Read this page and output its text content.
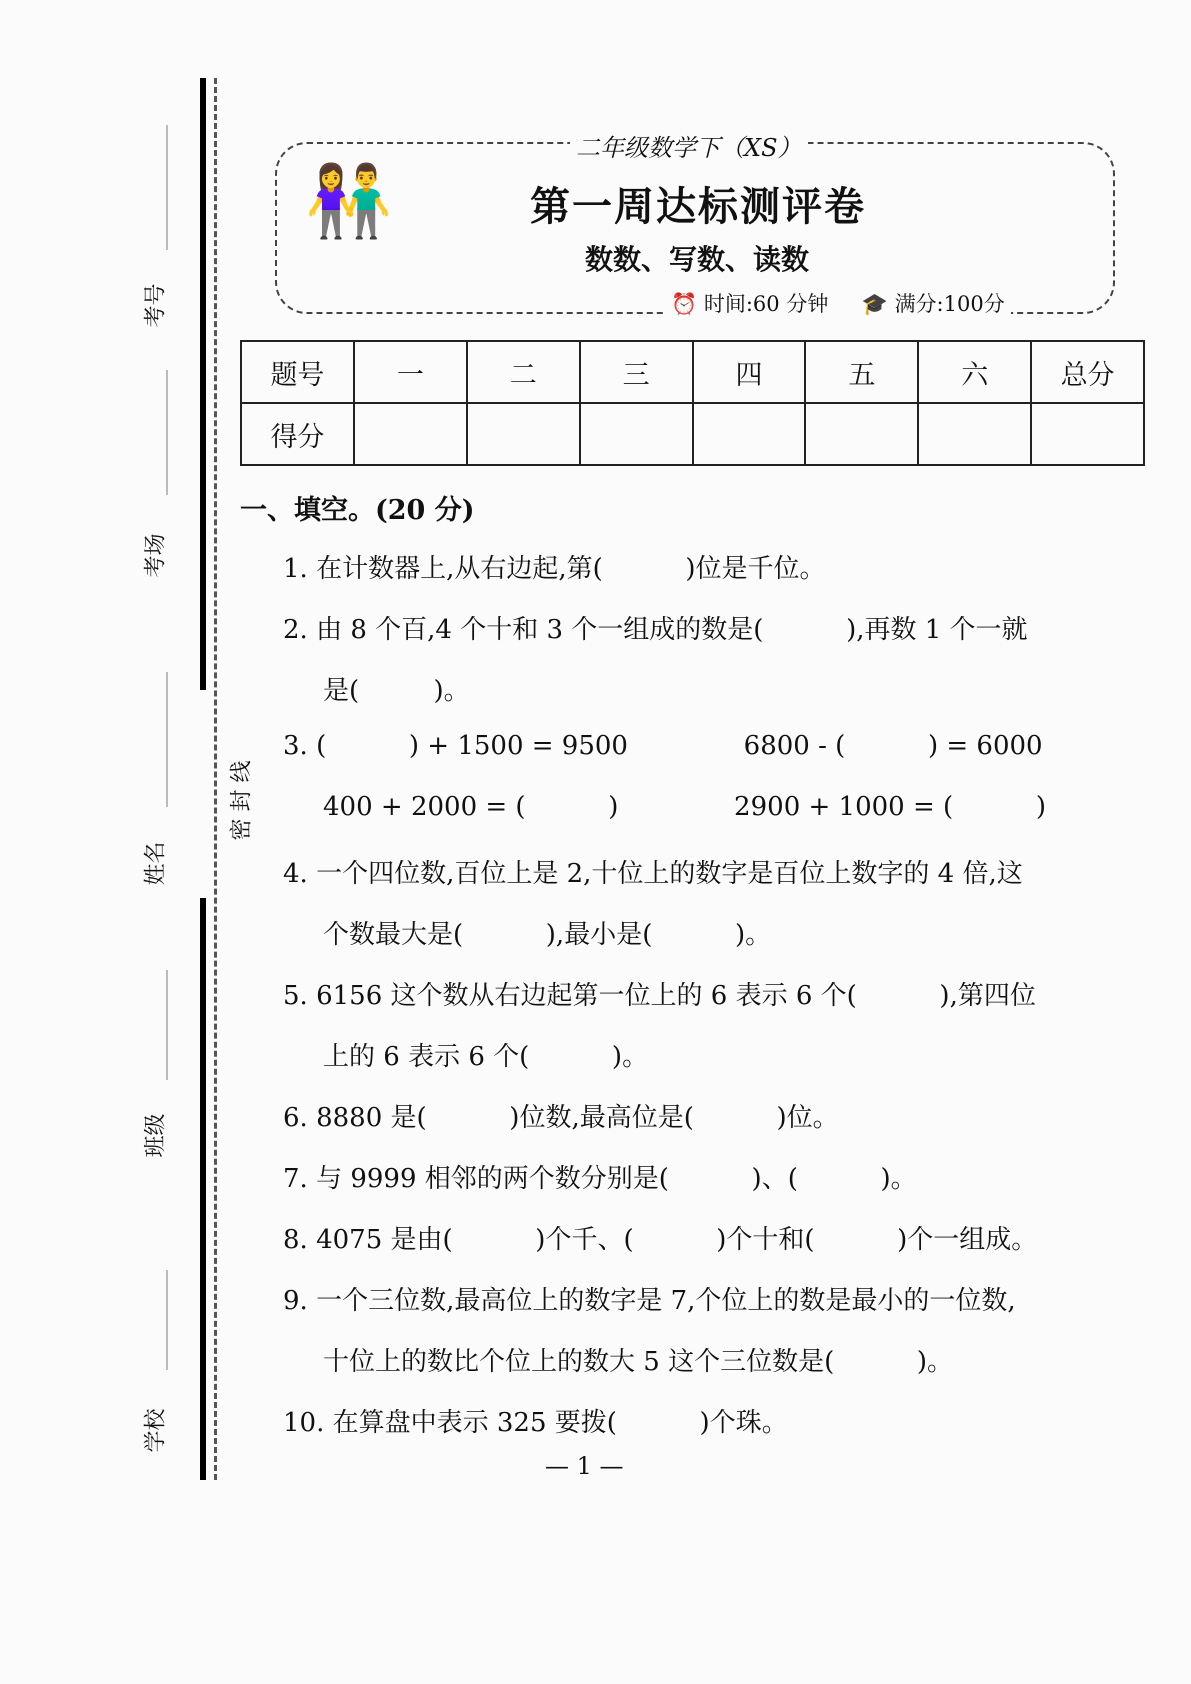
考号
考场
姓名
班级
学校
密 封 线
👫
二年级数学下（XS）
第一周达标测评卷
数数、写数、读数
⏰ 时间:60 分钟 🎓 满分:100分
题号	一	二	三	四	五	六	总分
得分							
一、填空。(20 分)
1. 在计数器上,从右边起,第(          )位是千位。
2. 由 8 个百,4 个十和 3 个一组成的数是(          ),再数 1 个一就
是(         )。
3. (          ) + 1500 = 9500              6800 - (          ) = 6000
400 + 2000 = (          )              2900 + 1000 = (          )
4. 一个四位数,百位上是 2,十位上的数字是百位上数字的 4 倍,这
个数最大是(          ),最小是(          )。
5. 6156 这个数从右边起第一位上的 6 表示 6 个(          ),第四位
上的 6 表示 6 个(          )。
6. 8880 是(          )位数,最高位是(          )位。
7. 与 9999 相邻的两个数分别是(          )、(          )。
8. 4075 是由(          )个千、(          )个十和(          )个一组成。
9. 一个三位数,最高位上的数字是 7,个位上的数是最小的一位数,
十位上的数比个位上的数大 5 这个三位数是(          )。
10. 在算盘中表示 325 要拨(          )个珠。
— 1 —
